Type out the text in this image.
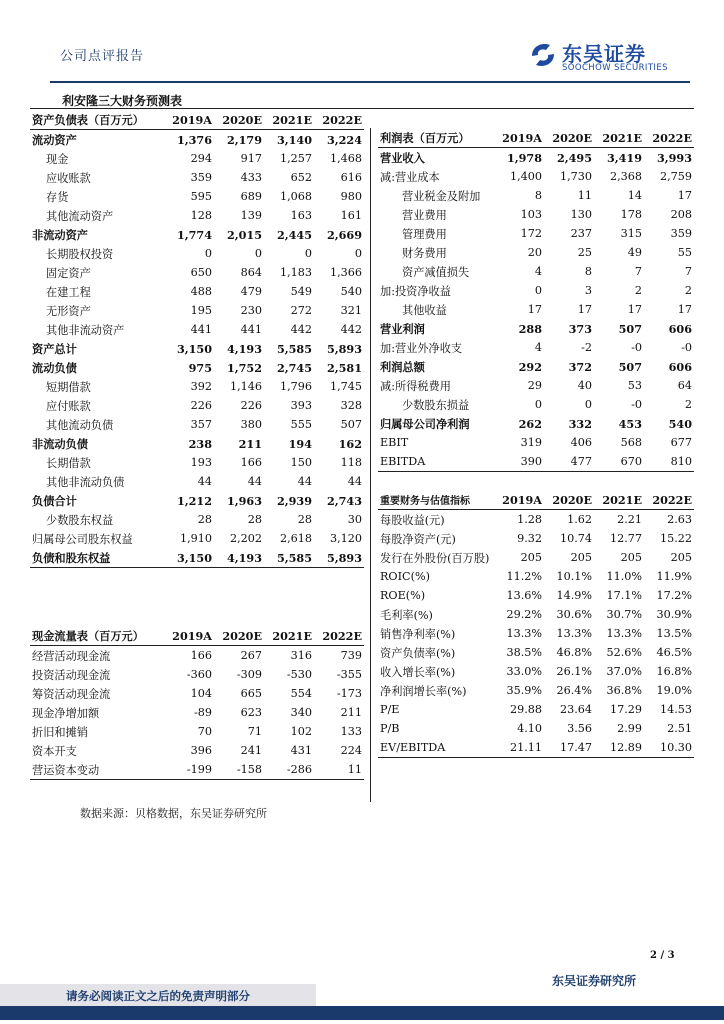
公司点评报告	东吴证券
SOOCHOW SECURITIES
利安隆三大财务预测表
资产负债表（百万元）	2019A	2020E	2021E	2022E
流动资产	1,376	2,179	3,140	3,224
现金	294	917	1,257	1,468
应收账款	359	433	652	616
存货	595	689	1,068	980
其他流动资产	128	139	163	161
非流动资产	1,774	2,015	2,445	2,669
长期股权投资	0	0	0	0
固定资产	650	864	1,183	1,366
在建工程	488	479	549	540
无形资产	195	230	272	321
其他非流动资产	441	441	442	442
资产总计	3,150	4,193	5,585	5,893
流动负债	975	1,752	2,745	2,581
短期借款	392	1,146	1,796	1,745
应付账款	226	226	393	328
其他流动负债	357	380	555	507
非流动负债	238	211	194	162
长期借款	193	166	150	118
其他非流动负债	44	44	44	44
负债合计	1,212	1,963	2,939	2,743
少数股东权益	28	28	28	30
归属母公司股东权益	1,910	2,202	2,618	3,120
负债和股东权益	3,150	4,193	5,585	5,893
利润表（百万元）	2019A	2020E	2021E	2022E
营业收入	1,978	2,495	3,419	3,993
减:营业成本	1,400	1,730	2,368	2,759
营业税金及附加	8	11	14	17
营业费用	103	130	178	208
管理费用	172	237	315	359
财务费用	20	25	49	55
资产减值损失	4	8	7	7
加:投资净收益	0	3	2	2
其他收益	17	17	17	17
营业利润	288	373	507	606
加:营业外净收支	4	-2	-0	-0
利润总额	292	372	507	606
减:所得税费用	29	40	53	64
少数股东损益	0	0	-0	2
归属母公司净利润	262	332	453	540
EBIT	319	406	568	677
EBITDA	390	477	670	810
重要财务与估值指标	2019A	2020E	2021E	2022E
每股收益(元)	1.28	1.62	2.21	2.63
每股净资产(元)	9.32	10.74	12.77	15.22
发行在外股份(百万股)	205	205	205	205
ROIC(%)	11.2%	10.1%	11.0%	11.9%
ROE(%)	13.6%	14.9%	17.1%	17.2%
毛利率(%)	29.2%	30.6%	30.7%	30.9%
销售净利率(%)	13.3%	13.3%	13.3%	13.5%
资产负债率(%)	38.5%	46.8%	52.6%	46.5%
收入增长率(%)	33.0%	26.1%	37.0%	16.8%
净利润增长率(%)	35.9%	26.4%	36.8%	19.0%
P/E	29.88	23.64	17.29	14.53
P/B	4.10	3.56	2.99	2.51
EV/EBITDA	21.11	17.47	12.89	10.30
现金流量表（百万元）	2019A	2020E	2021E	2022E
经营活动现金流	166	267	316	739
投资活动现金流	-360	-309	-530	-355
筹资活动现金流	104	665	554	-173
现金净增加额	-89	623	340	211
折旧和摊销	70	71	102	133
资本开支	396	241	431	224
营运资本变动	-199	-158	-286	11
数据来源：贝格数据，东吴证券研究所
2 / 3
请务必阅读正文之后的免责声明部分
东吴证券研究所
